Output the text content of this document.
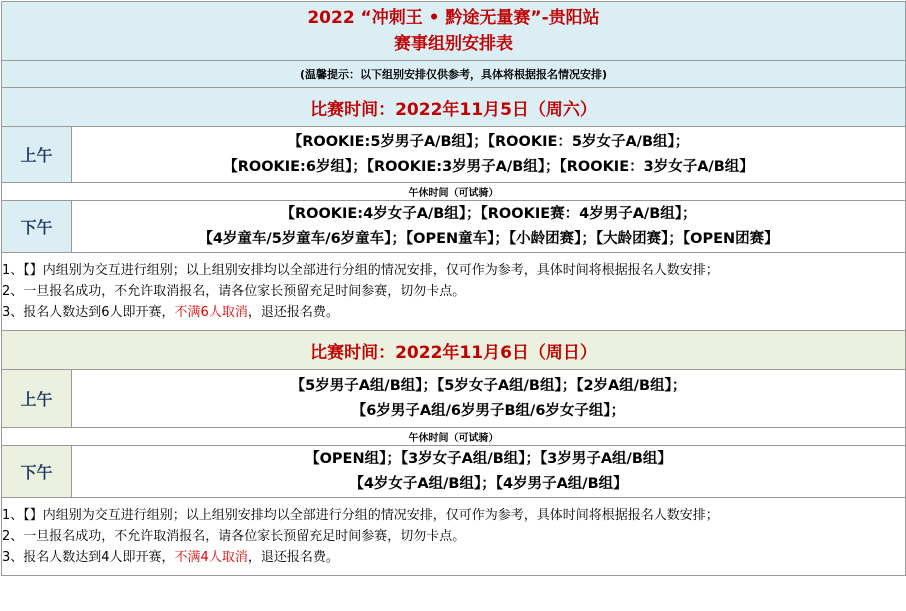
2022 “冲刺王 • 黔途无量赛”-贵阳站
赛事组别安排表	

(温馨提示：以下组别安排仅供参考，具体将根据报名情况安排)	
比赛时间：2022年11月5日（周六）	
上午	【ROOKIE:5岁男子A/B组】；【ROOKIE：5岁女子A/B组】；
【ROOKIE:6岁组】；【ROOKIE:3岁男子A/B组】；【ROOKIE：3岁女子A/B组】

午休时间（可试骑）	
下午	【ROOKIE:4岁女子A/B组】；【ROOKIE赛：4岁男子A/B组】；
【4岁童车/5岁童车/6岁童车】；【OPEN童车】；【小龄团赛】；【大龄团赛】；【OPEN团赛】

1、【】内组别为交互进行组别；以上组别安排均以全部进行分组的情况安排，仅可作为参考，具体时间将根据报名人数安排；
2、一旦报名成功，不允许取消报名，请各位家长预留充足时间参赛，切勿卡点。
3、报名人数达到6人即开赛，不满6人取消，退还报名费。	

比赛时间：2022年11月6日（周日）	
上午	【5岁男子A组/B组】；【5岁女子A组/B组】；【2岁A组/B组】；
【6岁男子A组/6岁男子B组/6岁女子组】；

午休时间（可试骑）	
下午	【OPEN组】；【3岁女子A组/B组】；【3岁男子A组/B组】
【4岁女子A组/B组】；【4岁男子A组/B组】

1、【】内组别为交互进行组别；以上组别安排均以全部进行分组的情况安排，仅可作为参考，具体时间将根据报名人数安排；
2、一旦报名成功，不允许取消报名，请各位家长预留充足时间参赛，切勿卡点。
3、报名人数达到4人即开赛，不满4人取消，退还报名费。	
